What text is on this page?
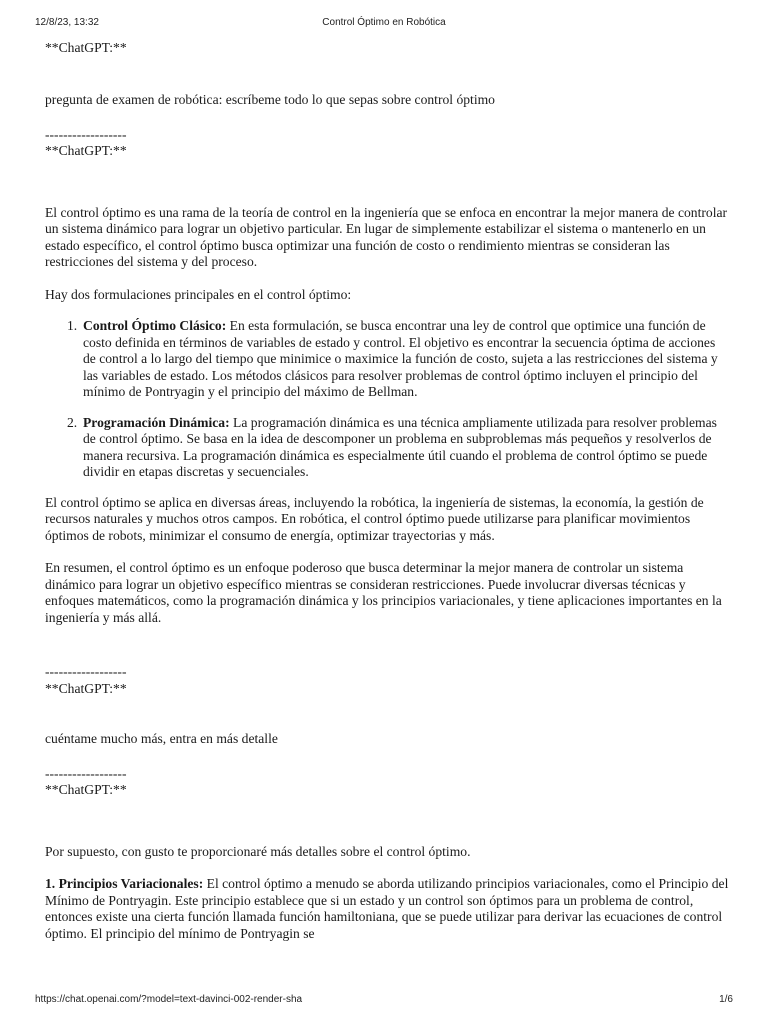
12/8/23, 13:32	Control Óptimo en Robótica
**ChatGPT:**
pregunta de examen de robótica: escríbeme todo lo que sepas sobre control óptimo
------------------
**ChatGPT:**

El control óptimo es una rama de la teoría de control en la ingeniería que se enfoca en encontrar la mejor manera de controlar un sistema dinámico para lograr un objetivo particular. En lugar de simplemente estabilizar el sistema o mantenerlo en un estado específico, el control óptimo busca optimizar una función de costo o rendimiento mientras se consideran las restricciones del sistema y del proceso.

Hay dos formulaciones principales en el control óptimo:

1. Control Óptimo Clásico: En esta formulación, se busca encontrar una ley de control que optimice una función de costo definida en términos de variables de estado y control. El objetivo es encontrar la secuencia óptima de acciones de control a lo largo del tiempo que minimice o maximice la función de costo, sujeta a las restricciones del sistema y las variables de estado. Los métodos clásicos para resolver problemas de control óptimo incluyen el principio del mínimo de Pontryagin y el principio del máximo de Bellman.
2. Programación Dinámica: La programación dinámica es una técnica ampliamente utilizada para resolver problemas de control óptimo. Se basa en la idea de descomponer un problema en subproblemas más pequeños y resolverlos de manera recursiva. La programación dinámica es especialmente útil cuando el problema de control óptimo se puede dividir en etapas discretas y secuenciales.

El control óptimo se aplica en diversas áreas, incluyendo la robótica, la ingeniería de sistemas, la economía, la gestión de recursos naturales y muchos otros campos. En robótica, el control óptimo puede utilizarse para planificar movimientos óptimos de robots, minimizar el consumo de energía, optimizar trayectorias y más.

En resumen, el control óptimo es un enfoque poderoso que busca determinar la mejor manera de controlar un sistema dinámico para lograr un objetivo específico mientras se consideran restricciones. Puede involucrar diversas técnicas y enfoques matemáticos, como la programación dinámica y los principios variacionales, y tiene aplicaciones importantes en la ingeniería y más allá.

------------------
**ChatGPT:**
cuéntame mucho más, entra en más detalle
------------------
**ChatGPT:**

Por supuesto, con gusto te proporcionaré más detalles sobre el control óptimo.

1. Principios Variacionales: El control óptimo a menudo se aborda utilizando principios variacionales, como el Principio del Mínimo de Pontryagin. Este principio establece que si un estado y un control son óptimos para un problema de control, entonces existe una cierta función llamada función hamiltoniana, que se puede utilizar para derivar las ecuaciones de control óptimo. El principio del mínimo de Pontryagin se

https://chat.openai.com/?model=text-davinci-002-render-sha	1/6
